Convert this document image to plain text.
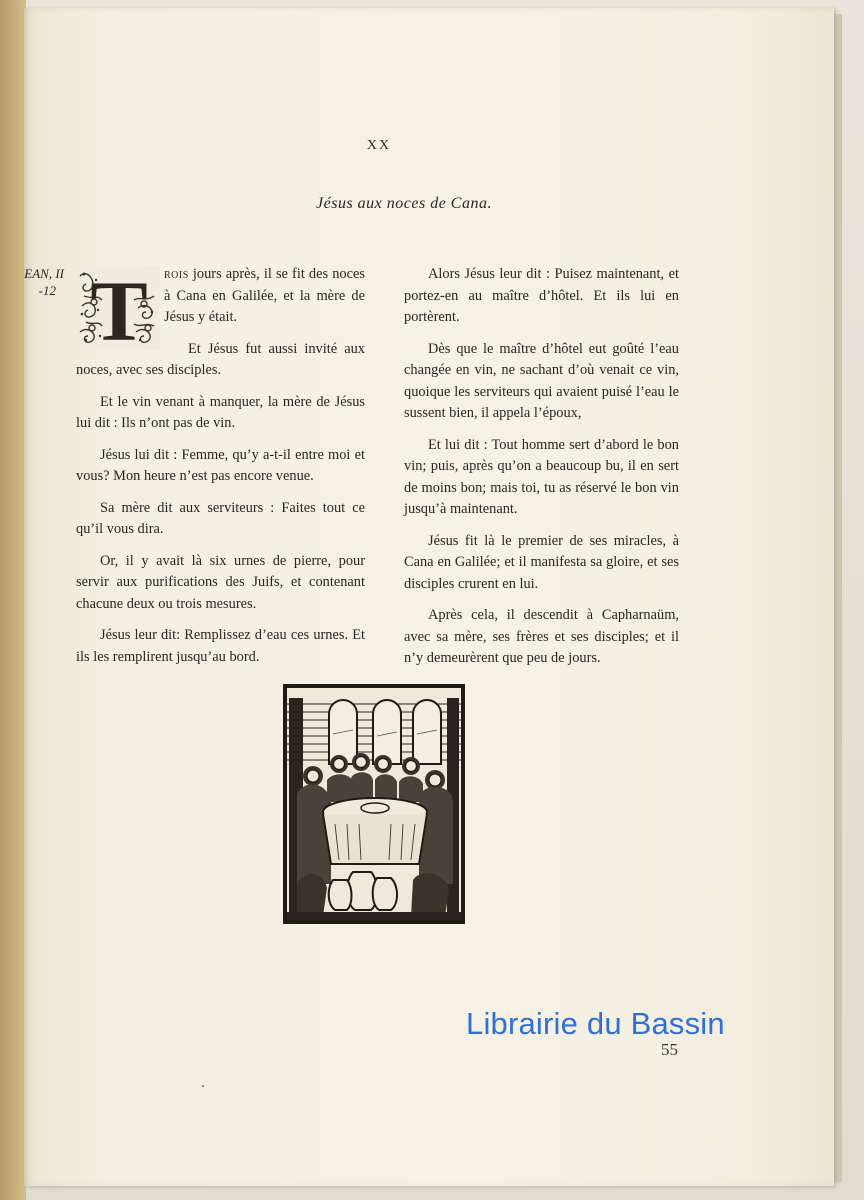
XX
Jésus aux noces de Cana.
EAN, II
-12 T	rois jours après, il se fit des noces à Cana en Galilée, et la mère de Jésus y était.

Et Jésus fut aussi invité aux noces, avec ses disciples.

Et le vin venant à manquer, la mère de Jésus lui dit : Ils n’ont pas de vin.

Jésus lui dit : Femme, qu’y a-t-il entre moi et vous? Mon heure n’est pas encore venue.

Sa mère dit aux serviteurs : Faites tout ce qu’il vous dira.

Or, il y avait là six urnes de pierre, pour servir aux purifications des Juifs, et contenant chacune deux ou trois mesures.

Jésus leur dit: Remplissez d’eau ces urnes. Et ils les remplirent jusqu’au bord.

Alors Jésus leur dit : Puisez maintenant, et portez-en au maître d’hôtel. Et ils lui en portèrent.

Dès que le maître d’hôtel eut goûté l’eau changée en vin, ne sachant d’où venait ce vin, quoique les serviteurs qui avaient puisé l’eau le sussent bien, il appela l’époux,

Et lui dit : Tout homme sert d’abord le bon vin; puis, après qu’on a beaucoup bu, il en sert de moins bon; mais toi, tu as réservé le bon vin jusqu’à maintenant.

Jésus fit là le premier de ses miracles, à Cana en Galilée; et il manifesta sa gloire, et ses disciples crurent en lui.

Après cela, il descendit à Capharnaüm, avec sa mère, ses frères et ses disciples; et il n’y demeurèrent que peu de jours.

Librairie du Bassin
55
